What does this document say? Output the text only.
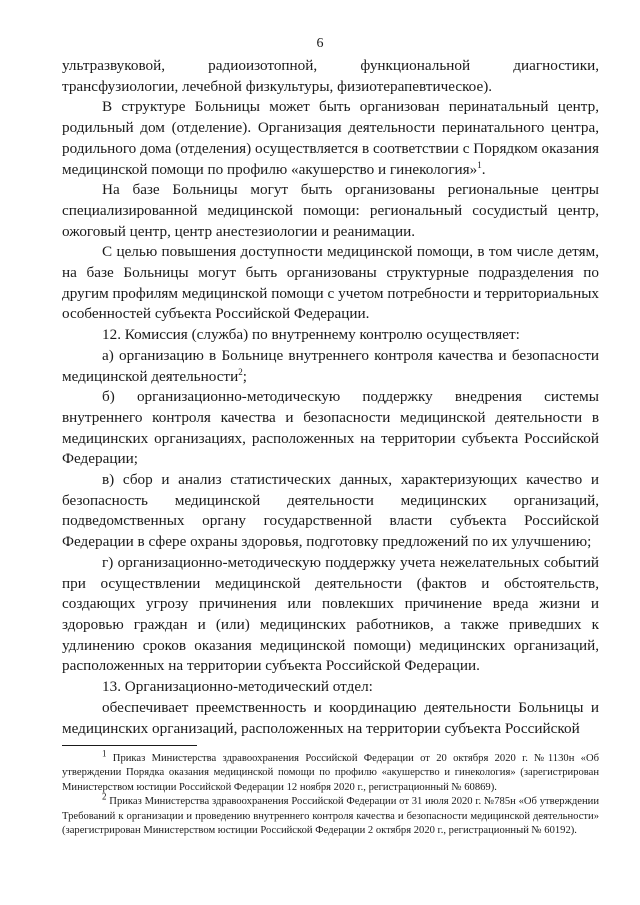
6

ультразвуковой, радиоизотопной, функциональной диагностики, трансфузиологии, лечебной физкультуры, физиотерапевтическое).

В структуре Больницы может быть организован перинатальный центр, родильный дом (отделение). Организация деятельности перинатального центра, родильного дома (отделения) осуществляется в соответствии с Порядком оказания медицинской помощи по профилю «акушерство и гинекология»$^1$.

На базе Больницы могут быть организованы региональные центры специализированной медицинской помощи: региональный сосудистый центр, ожоговый центр, центр анестезиологии и реанимации.

С целью повышения доступности медицинской помощи, в том числе детям, на базе Больницы могут быть организованы структурные подразделения по другим профилям медицинской помощи с учетом потребности и территориальных особенностей субъекта Российской Федерации.

12. Комиссия (служба) по внутреннему контролю осуществляет:

а) организацию в Больнице внутреннего контроля качества и безопасности медицинской деятельности$^2$;

б) организационно-методическую поддержку внедрения системы внутреннего контроля качества и безопасности медицинской деятельности в медицинских организациях, расположенных на территории субъекта Российской Федерации;

в) сбор и анализ статистических данных, характеризующих качество и безопасность медицинской деятельности медицинских организаций, подведомственных органу государственной власти субъекта Российской Федерации в сфере охраны здоровья, подготовку предложений по их улучшению;

г) организационно-методическую поддержку учета нежелательных событий при осуществлении медицинской деятельности (фактов и обстоятельств, создающих угрозу причинения или повлекших причинение вреда жизни и здоровью граждан и (или) медицинских работников, а также приведших к удлинению сроков оказания медицинской помощи) медицинских организаций, расположенных на территории субъекта Российской Федерации.

13. Организационно-методический отдел:

обеспечивает преемственность и координацию деятельности Больницы и медицинских организаций, расположенных на территории субъекта Российской

$^1$ Приказ Министерства здравоохранения Российской Федерации от 20 октября 2020 г. №1130н «Об утверждении Порядка оказания медицинской помощи по профилю «акушерство и гинекология» (зарегистрирован Министерством юстиции Российской Федерации 12 ноября 2020 г., регистрационный № 60869).

$^2$ Приказ Министерства здравоохранения Российской Федерации от 31 июля 2020 г. №785н «Об утверждении Требований к организации и проведению внутреннего контроля качества и безопасности медицинской деятельности» (зарегистрирован Министерством юстиции Российской Федерации 2 октября 2020 г., регистрационный № 60192).
